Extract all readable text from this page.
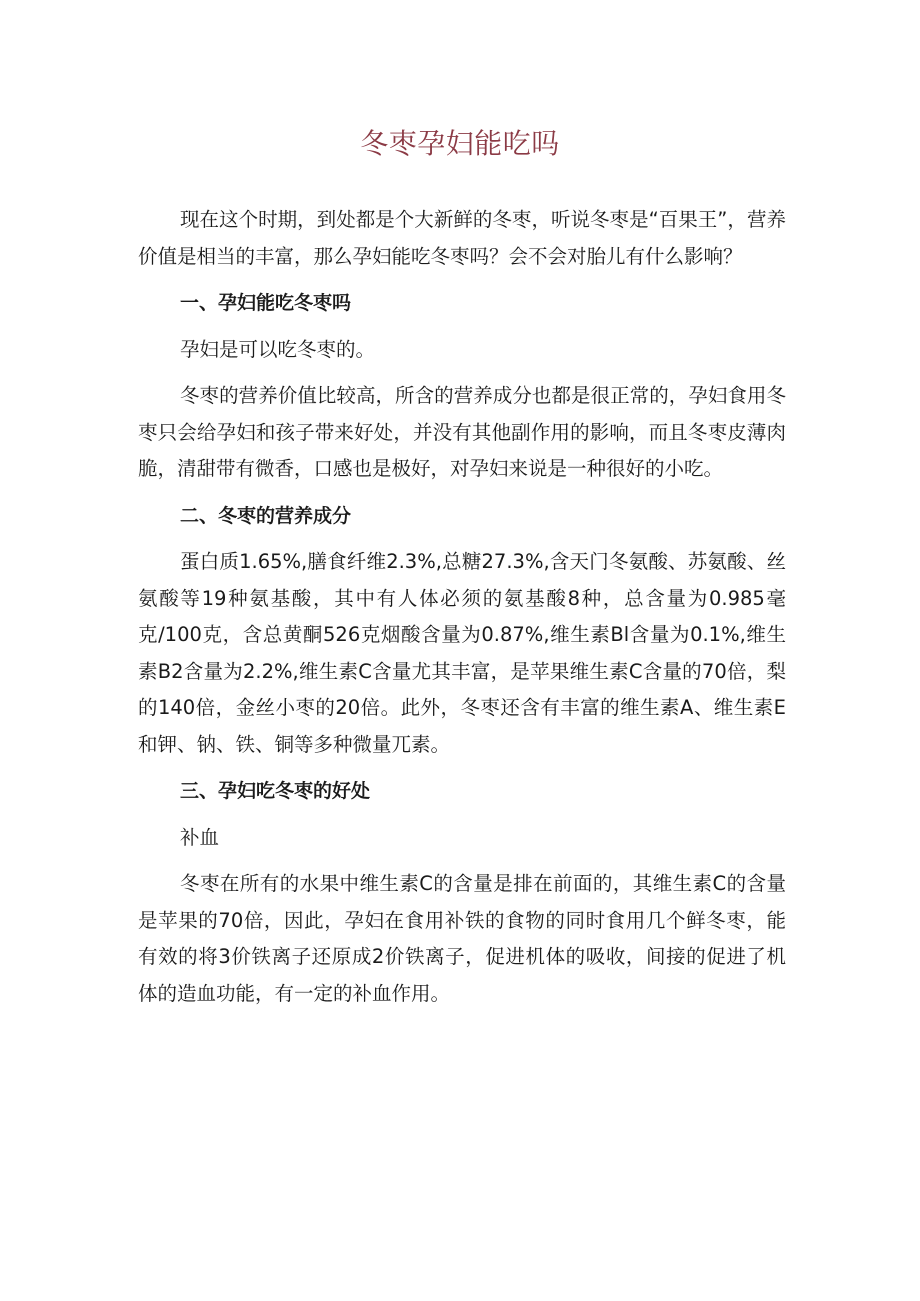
冬枣孕妇能吃吗

现在这个时期，到处都是个大新鲜的冬枣，听说冬枣是“百果王”，营养价值是相当的丰富，那么孕妇能吃冬枣吗？会不会对胎儿有什么影响？

一、孕妇能吃冬枣吗

孕妇是可以吃冬枣的。

冬枣的营养价值比较高，所含的营养成分也都是很正常的，孕妇食用冬枣只会给孕妇和孩子带来好处，并没有其他副作用的影响，而且冬枣皮薄肉脆，清甜带有微香，口感也是极好，对孕妇来说是一种很好的小吃。

二、冬枣的营养成分

蛋白质1.65%,膳食纤维2.3%,总糖27.3%,含天门冬氨酸、苏氨酸、丝氨酸等19种氨基酸，其中有人体必须的氨基酸8种，总含量为0.985毫克/100克，含总黄酮526克烟酸含量为0.87%,维生素Bl含量为0.1%,维生素B2含量为2.2%,维生素C含量尤其丰富，是苹果维生素C含量的70倍，梨的140倍，金丝小枣的20倍。此外，冬枣还含有丰富的维生素A、维生素E和钾、钠、铁、铜等多种微量兀素。

三、孕妇吃冬枣的好处

补血

冬枣在所有的水果中维生素C的含量是排在前面的，其维生素C的含量是苹果的70倍，因此，孕妇在食用补铁的食物的同时食用几个鲜冬枣，能有效的将3价铁离子还原成2价铁离子，促进机体的吸收，间接的促进了机体的造血功能，有一定的补血作用。
